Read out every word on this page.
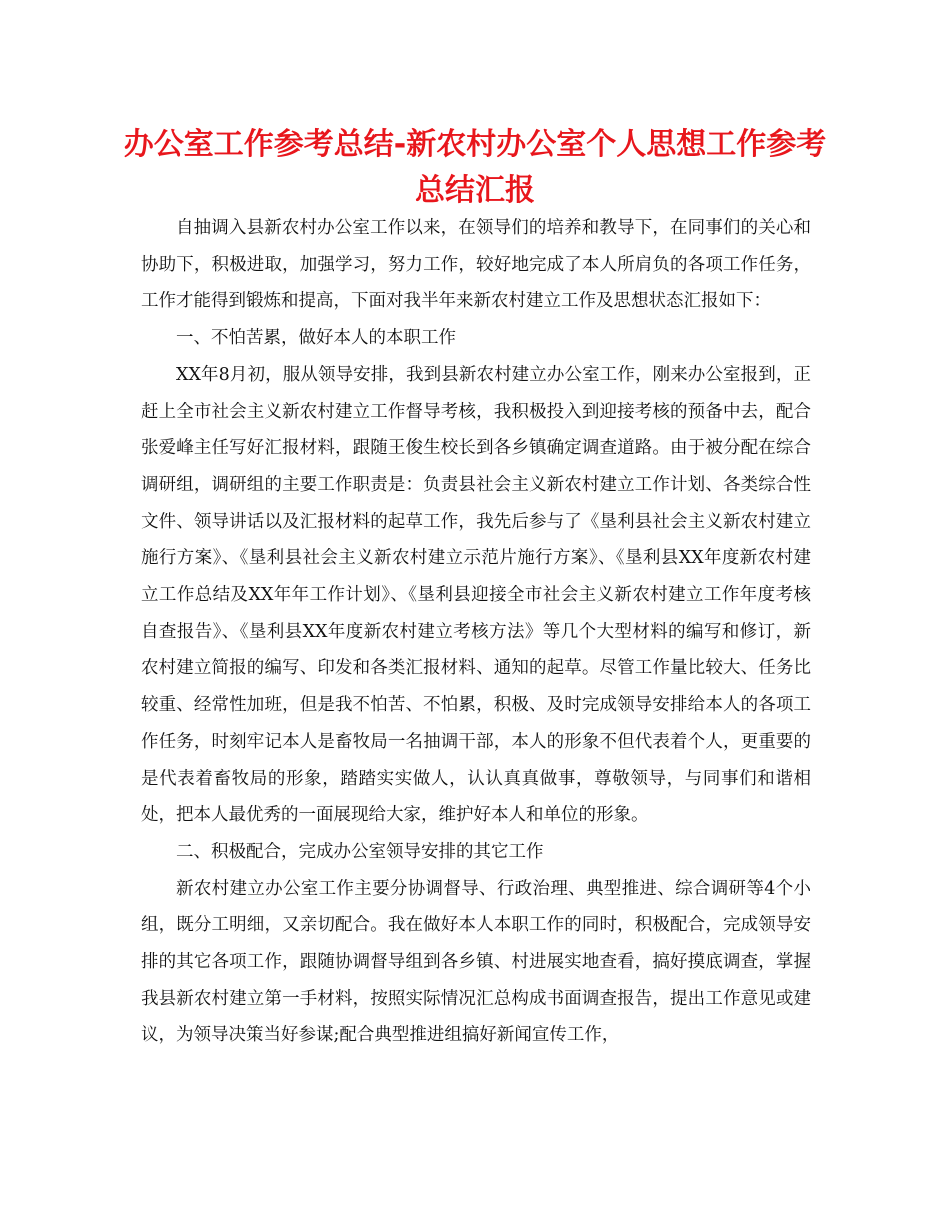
办公室工作参考总结-新农村办公室个人思想工作参考总结汇报

自抽调入县新农村办公室工作以来，在领导们的培养和教导下，在同事们的关心和协助下，积极进取，加强学习，努力工作，较好地完成了本人所肩负的各项工作任务，工作才能得到锻炼和提高，下面对我半年来新农村建立工作及思想状态汇报如下：

一、不怕苦累，做好本人的本职工作

XX年8月初，服从领导安排，我到县新农村建立办公室工作，刚来办公室报到，正赶上全市社会主义新农村建立工作督导考核，我积极投入到迎接考核的预备中去，配合张爱峰主任写好汇报材料，跟随王俊生校长到各乡镇确定调查道路。由于被分配在综合调研组，调研组的主要工作职责是：负责县社会主义新农村建立工作计划、各类综合性文件、领导讲话以及汇报材料的起草工作，我先后参与了《垦利县社会主义新农村建立施行方案》、《垦利县社会主义新农村建立示范片施行方案》、《垦利县XX年度新农村建立工作总结及XX年年工作计划》、《垦利县迎接全市社会主义新农村建立工作年度考核自查报告》、《垦利县XX年度新农村建立考核方法》等几个大型材料的编写和修订，新农村建立简报的编写、印发和各类汇报材料、通知的起草。尽管工作量比较大、任务比较重、经常性加班，但是我不怕苦、不怕累，积极、及时完成领导安排给本人的各项工作任务，时刻牢记本人是畜牧局一名抽调干部，本人的形象不但代表着个人，更重要的是代表着畜牧局的形象，踏踏实实做人，认认真真做事，尊敬领导，与同事们和谐相处，把本人最优秀的一面展现给大家，维护好本人和单位的形象。

二、积极配合，完成办公室领导安排的其它工作

新农村建立办公室工作主要分协调督导、行政治理、典型推进、综合调研等4个小组，既分工明细，又亲切配合。我在做好本人本职工作的同时，积极配合，完成领导安排的其它各项工作，跟随协调督导组到各乡镇、村进展实地查看，搞好摸底调查，掌握我县新农村建立第一手材料，按照实际情况汇总构成书面调查报告，提出工作意见或建议，为领导决策当好参谋;配合典型推进组搞好新闻宣传工作，
